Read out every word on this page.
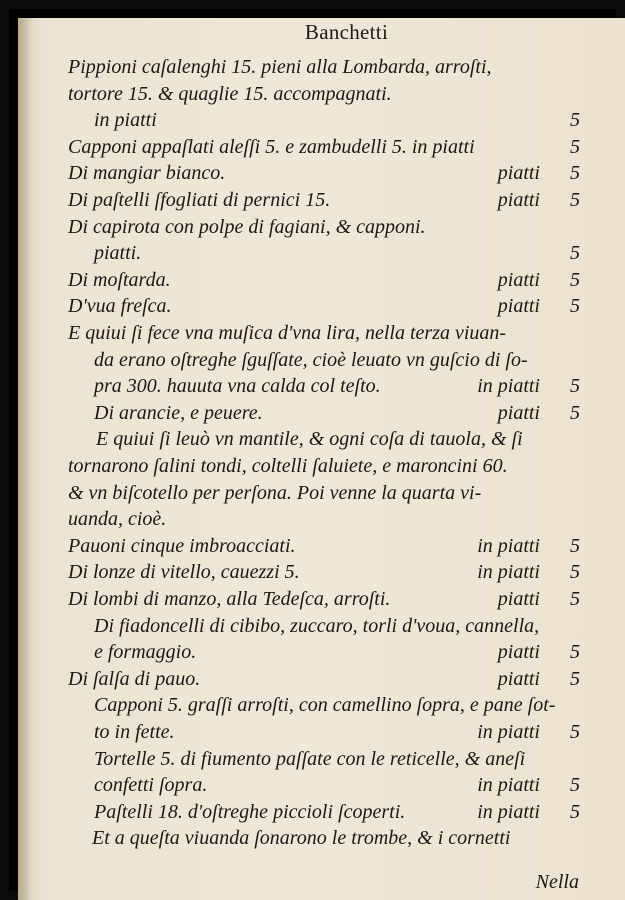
Banchetti
Pippioni caſalenghi 15. pieni alla Lombarda, arroſti,
tortore 15. & quaglie 15. accompagnati.
in piatti	5
Capponi appaſlati aleſſi 5. e zambudelli 5. in piatti	5
Di mangiar bianco.	piatti 5
Di paſtelli ſfogliati di pernici 15.	piatti 5
Di capirota con polpe di fagiani, & capponi.
piatti.	5
Di moſtarda.	piatti 5
D'vua freſca.	piatti 5
E quiui ſi fece vna muſica d'vna lira, nella terza viuan-
da erano oſtreghe ſguſſate, cioè leuato vn guſcio di ſo-
pra 300. hauuta vna calda col teſto.	in piatti 5
Di arancie, e peuere.	piatti 5
E quiui ſi leuò vn mantile, & ogni coſa di tauola, & ſi
tornarono ſalini tondi, coltelli ſaluiete, e maroncini 60.
& vn biſcotello per perſona. Poi venne la quarta vi-
uanda, cioè.
Pauoni cinque imbroacciati.	in piatti 5
Di lonze di vitello, cauezzi 5.	in piatti 5
Di lombi di manzo, alla Tedeſca, arroſti.	piatti 5
Di fiadoncelli di cibibo, zuccaro, torli d'voua, cannella,
e formaggio.	piatti 5
Di ſalſa di pauo.	piatti 5
Capponi 5. graſſi arroſti, con camellino ſopra, e pane ſot-
to in fette.	in piatti 5
Tortelle 5. di fiumento paſſate con le reticelle, & aneſi
confetti ſopra.	in piatti 5
Paſtelli 18. d'oſtreghe piccioli ſcoperti.	in piatti 5
Et a queſta viuanda ſonarono le trombe, & i cornetti
Nella
